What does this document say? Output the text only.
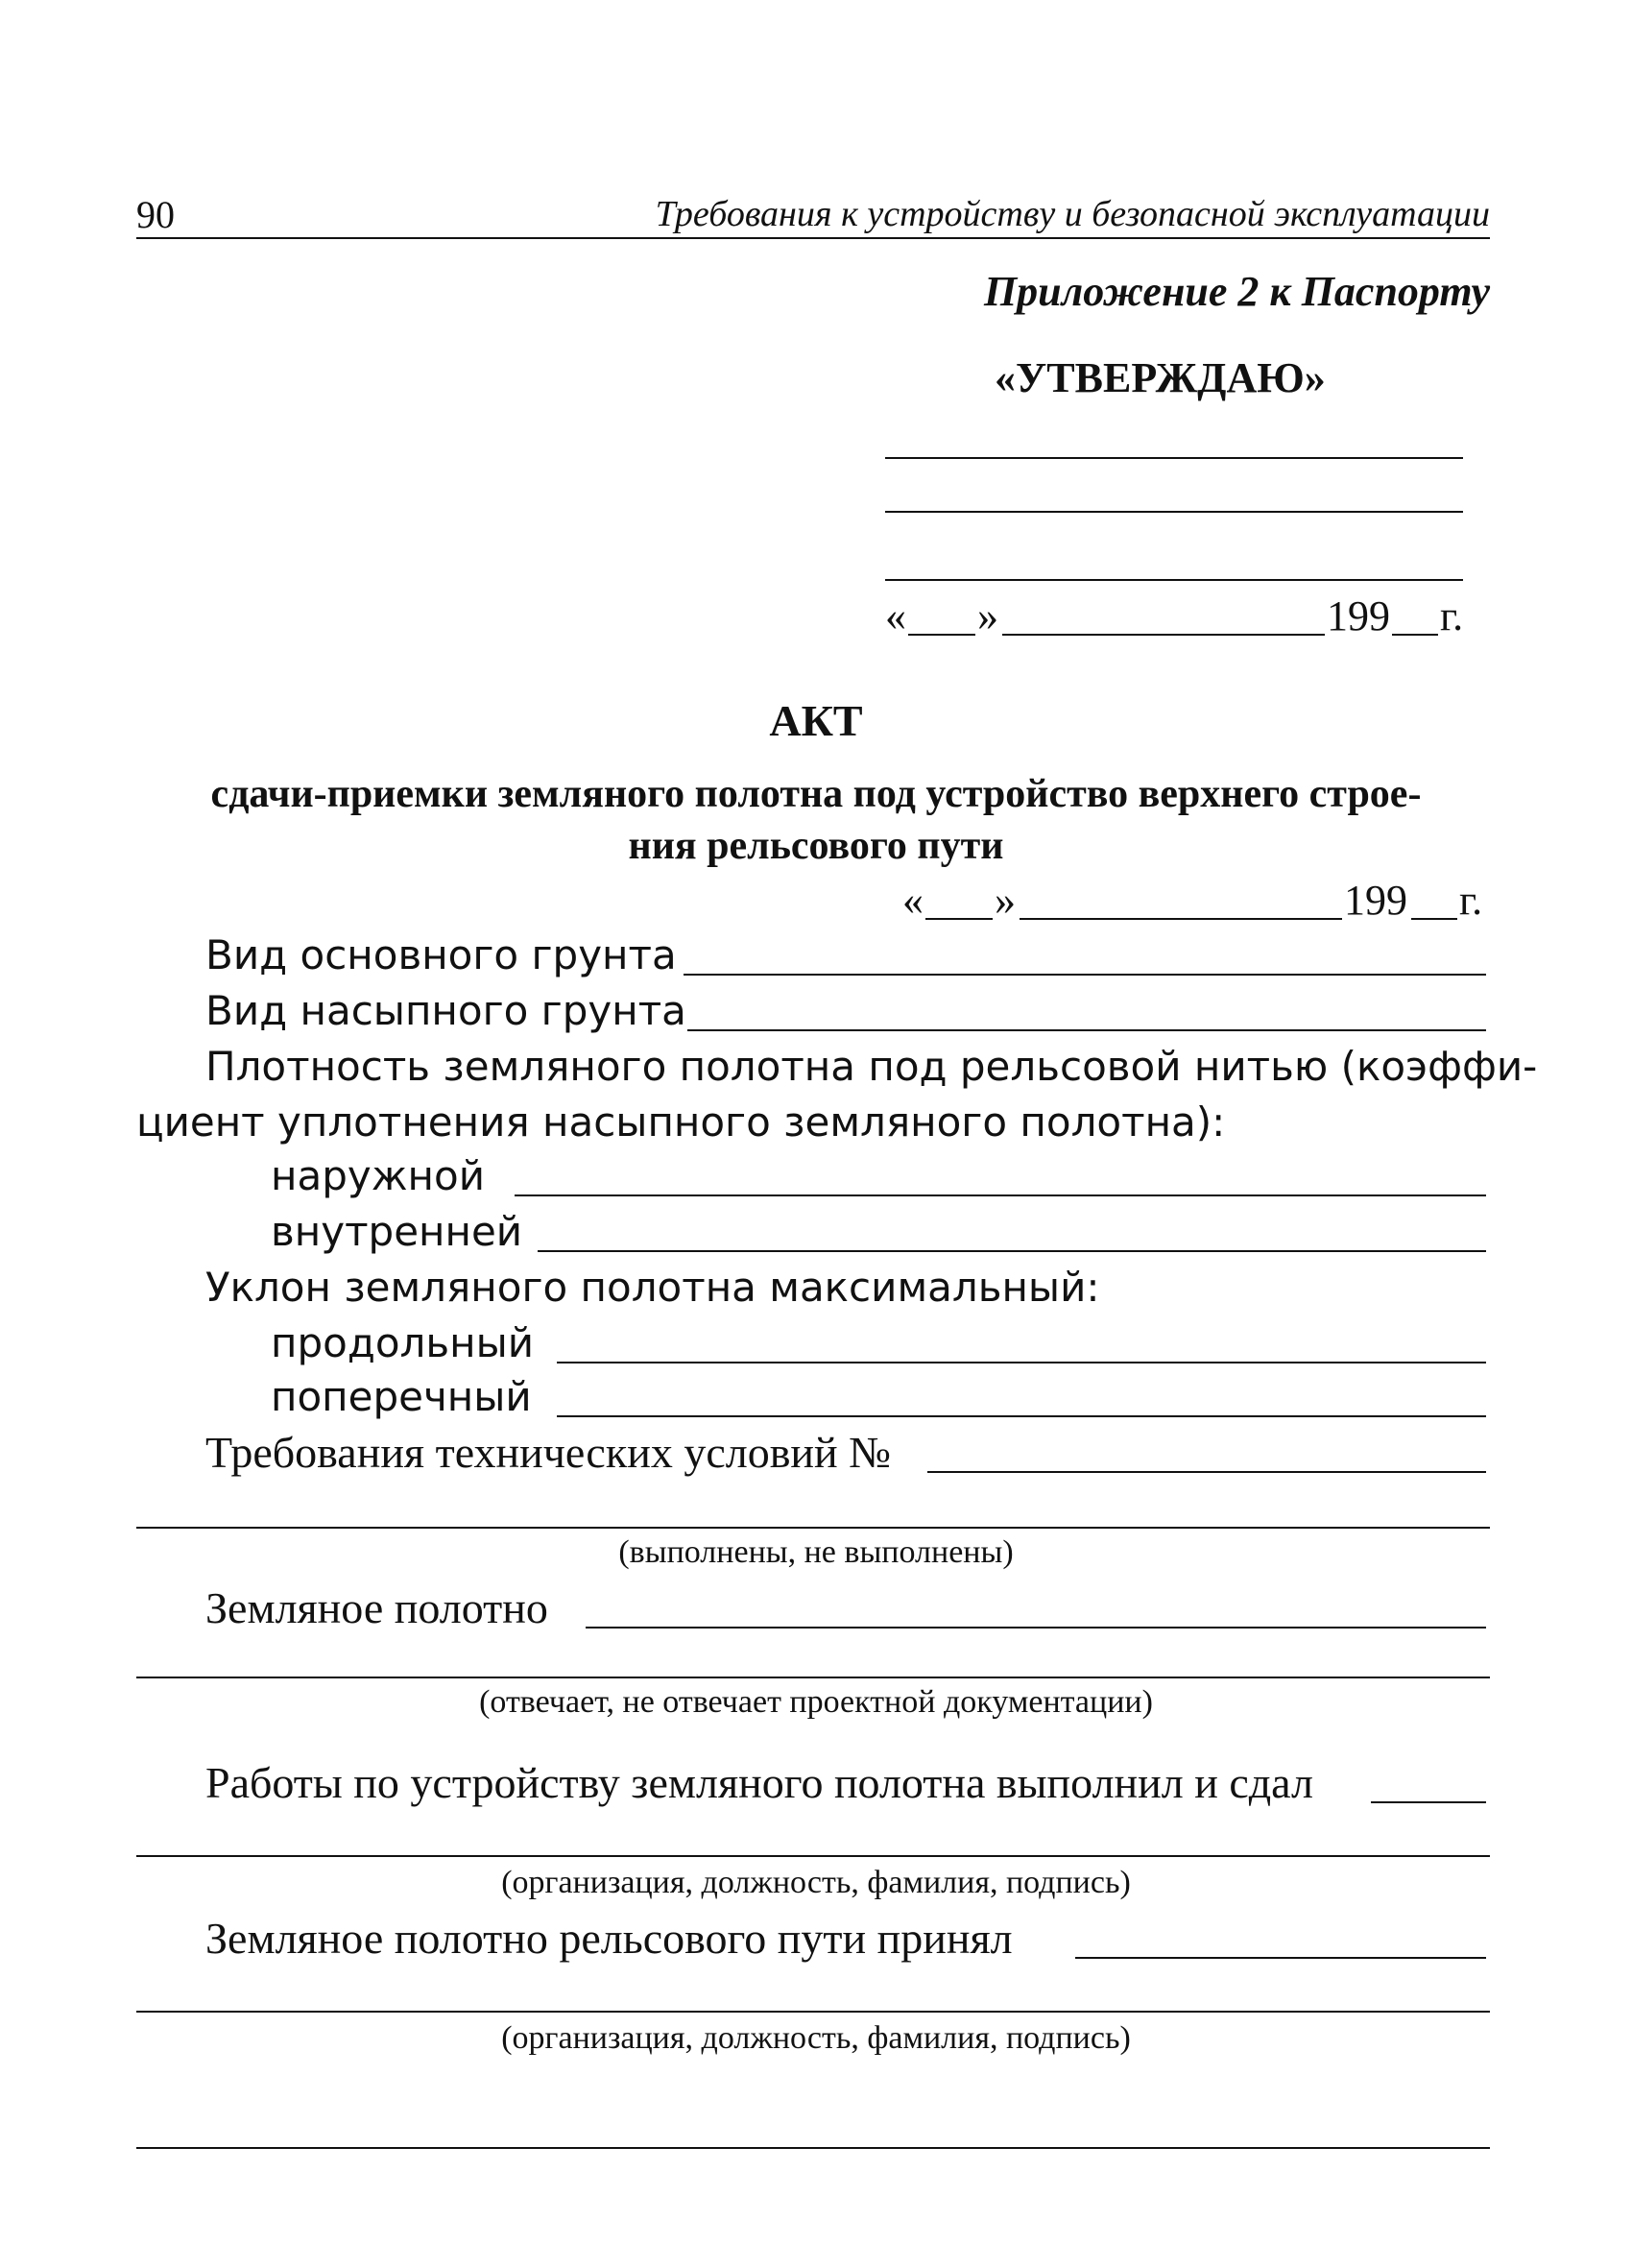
90	Требования к устройству и безопасной эксплуатации
Приложение 2 к Паспорту
«УТВЕРЖДАЮ»
« »	199 г.
АКТ
сдачи-приемки земляного полотна под устройство верхнего строе-
ния рельсового пути
« »	199 г.
Вид основного грунта
Вид насыпного грунта
Плотность земляного полотна под рельсовой нитью (коэффи-
циент уплотнения насыпного земляного полотна):
наружной
внутренней
Уклон земляного полотна максимальный:
продольный
поперечный
Требования технических условий №
(выполнены, не выполнены)
Земляное полотно
(отвечает, не отвечает проектной документации)
Работы по устройству земляного полотна выполнил и сдал
(организация, должность, фамилия, подпись)
Земляное полотно рельсового пути принял
(организация, должность, фамилия, подпись)
